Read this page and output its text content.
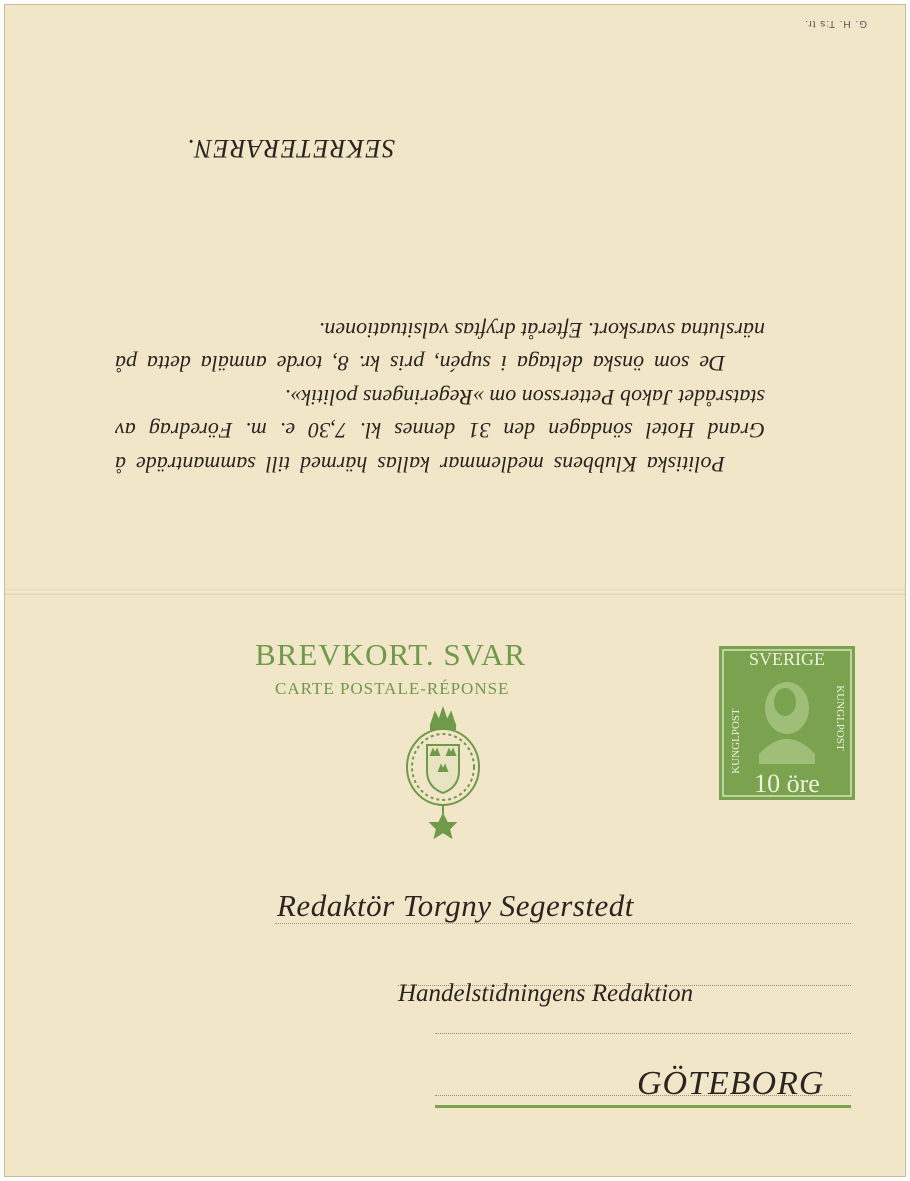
G. H. T:s tr.

Politiska Klubbens medlemmar kallas härmed till sammanträde å Grand Hotel söndagen den 31 dennes kl. 7,30 e. m. Föredrag av statsrådet Jakob Pettersson om »Regeringens politik».

De som önska deltaga i supén, pris kr. 8, torde anmäla detta på närslutna svarskort. Efteråt dryftas valsituationen.

SEKRETERAREN.
BREVKORT. SVAR
CARTE POSTALE-RÉPONSE
SVERIGE
KUNGLPOST	KUNGLPOST
10 öre
Redaktör Torgny Segerstedt
Handelstidningens Redaktion
GÖTEBORG
